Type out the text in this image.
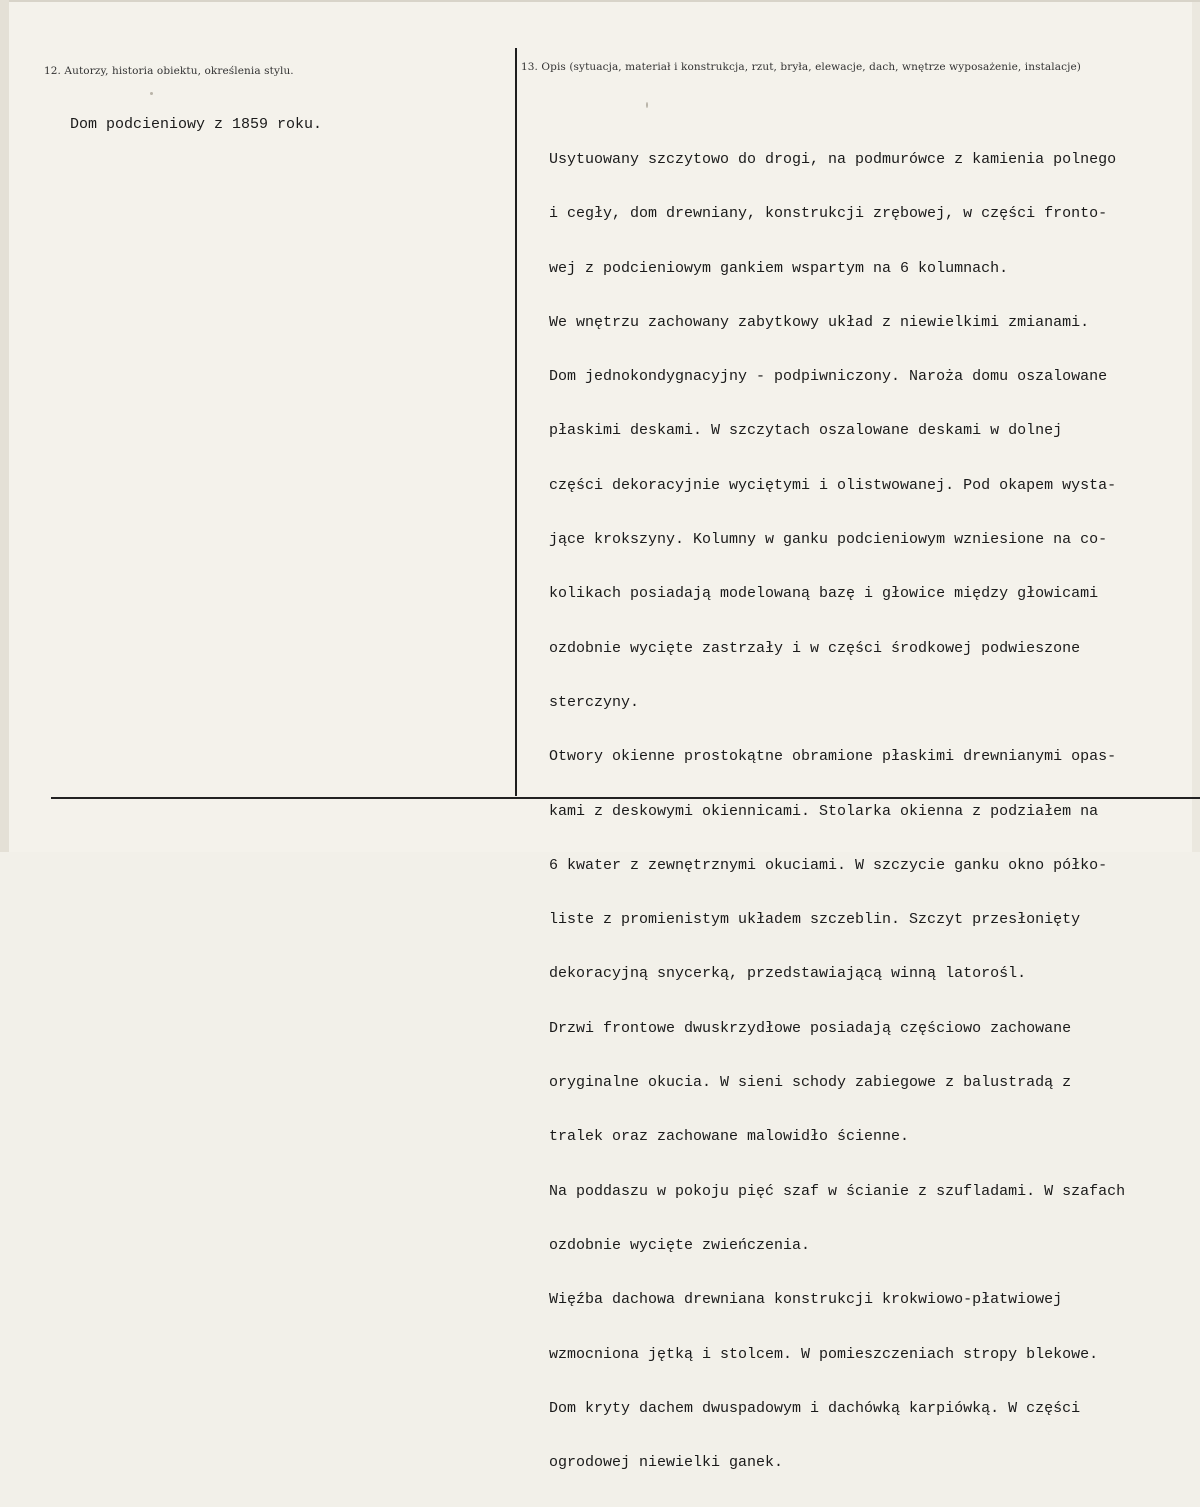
12. Autorzy, historia obiektu, określenia stylu.
Dom podcieniowy z 1859 roku.
13. Opis (sytuacja, materiał i konstrukcja, rzut, bryła, elewacje, dach, wnętrze wyposażenie, instalacje)

Usytuowany szczytowo do drogi, na podmurówce z kamienia polnego

i cegły, dom drewniany, konstrukcji zrębowej, w części fronto-

wej z podcieniowym gankiem wspartym na 6 kolumnach.

We wnętrzu zachowany zabytkowy układ z niewielkimi zmianami.

Dom jednokondygnacyjny - podpiwniczony. Naroża domu oszalowane

płaskimi deskami. W szczytach oszalowane deskami w dolnej

części dekoracyjnie wyciętymi i olistwowanej. Pod okapem wysta-

jące krokszyny. Kolumny w ganku podcieniowym wzniesione na co-

kolikach posiadają modelowaną bazę i głowice między głowicami

ozdobnie wycięte zastrzały i w części środkowej podwieszone

sterczyny.

Otwory okienne prostokątne obramione płaskimi drewnianymi opas-

kami z deskowymi okiennicami. Stolarka okienna z podziałem na

6 kwater z zewnętrznymi okuciami. W szczycie ganku okno półko-

liste z promienistym układem szczeblin. Szczyt przesłonięty

dekoracyjną snycerką, przedstawiającą winną latorośl.

Drzwi frontowe dwuskrzydłowe posiadają częściowo zachowane

oryginalne okucia. W sieni schody zabiegowe z balustradą z

tralek oraz zachowane malowidło ścienne.

Na poddaszu w pokoju pięć szaf w ścianie z szufladami. W szafach

ozdobnie wycięte zwieńczenia.

Więźba dachowa drewniana konstrukcji krokwiowo-płatwiowej

wzmocniona jętką i stolcem. W pomieszczeniach stropy blekowe.

Dom kryty dachem dwuspadowym i dachówką karpiówką. W części

ogrodowej niewielki ganek.
